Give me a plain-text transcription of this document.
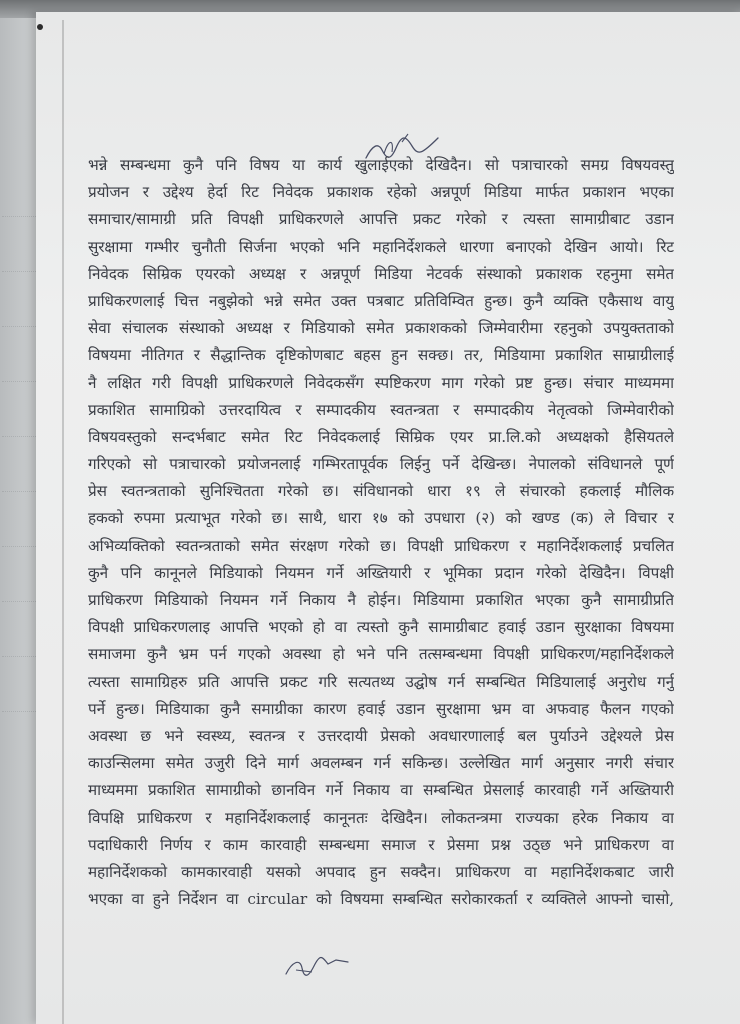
भन्ने सम्बन्धमा कुनै पनि विषय या कार्य खुलाईएको देखिदैन। सो पत्राचारको समग्र विषयवस्तु
प्रयोजन र उद्देश्य हेर्दा रिट निवेदक प्रकाशक रहेको अन्नपूर्ण मिडिया मार्फत प्रकाशन भएका
समाचार/सामाग्री प्रति विपक्षी प्राधिकरणले आपत्ति प्रकट गरेको र त्यस्ता सामाग्रीबाट उडान
सुरक्षामा गम्भीर चुनौती सिर्जना भएको भनि महानिर्देशकले धारणा बनाएको देखिन आयो। रिट
निवेदक सिम्रिक एयरको अध्यक्ष र अन्नपूर्ण मिडिया नेटवर्क संस्थाको प्रकाशक रहनुमा समेत
प्राधिकरणलाई चित्त नबुझेको भन्ने समेत उक्त पत्रबाट प्रतिविम्वित हुन्छ। कुनै व्यक्ति एकैसाथ वायु
सेवा संचालक संस्थाको अध्यक्ष र मिडियाको समेत प्रकाशकको जिम्मेवारीमा रहनुको उपयुक्तताको
विषयमा नीतिगत र सैद्धान्तिक दृष्टिकोणबाट बहस हुन सक्छ। तर, मिडियामा प्रकाशित साम्राग्रीलाई
नै लक्षित गरी विपक्षी प्राधिकरणले निवेदकसँग स्पष्टिकरण माग गरेको प्रष्ट हुन्छ। संचार माध्यममा
प्रकाशित सामाग्रिको उत्तरदायित्व र सम्पादकीय स्वतन्त्रता र सम्पादकीय नेतृत्वको जिम्मेवारीको
विषयवस्तुको सन्दर्भबाट समेत रिट निवेदकलाई सिम्रिक एयर प्रा.लि.को अध्यक्षको हैसियतले
गरिएको सो पत्राचारको प्रयोजनलाई गम्भिरतापूर्वक लिईनु पर्ने देखिन्छ। नेपालको संविधानले पूर्ण
प्रेस स्वतन्त्रताको सुनिश्चितता गरेको छ। संविधानको धारा १९ ले संचारको हकलाई मौलिक
हकको रुपमा प्रत्याभूत गरेको छ। साथै, धारा १७ को उपधारा (२) को खण्ड (क) ले विचार र
अभिव्यक्तिको स्वतन्त्रताको समेत संरक्षण गरेको छ। विपक्षी प्राधिकरण र महानिर्देशकलाई प्रचलित
कुनै पनि कानूनले मिडियाको नियमन गर्ने अख्तियारी र भूमिका प्रदान गरेको देखिदैन। विपक्षी
प्राधिकरण मिडियाको नियमन गर्ने निकाय नै होईन। मिडियामा प्रकाशित भएका कुनै सामाग्रीप्रति
विपक्षी प्राधिकरणलाइ आपत्ति भएको हो वा त्यस्तो कुनै सामाग्रीबाट हवाई उडान सुरक्षाका विषयमा
समाजमा कुनै भ्रम पर्न गएको अवस्था हो भने पनि तत्सम्बन्धमा विपक्षी प्राधिकरण/महानिर्देशकले
त्यस्ता सामाग्रिहरु प्रति आपत्ति प्रकट गरि सत्यतथ्य उद्घोष गर्न सम्बन्धित मिडियालाई अनुरोध गर्नु
पर्ने हुन्छ। मिडियाका कुनै समाग्रीका कारण हवाई उडान सुरक्षामा भ्रम वा अफवाह फैलन गएको
अवस्था छ भने स्वस्थ्य, स्वतन्त्र र उत्तरदायी प्रेसको अवधारणालाई बल पुर्याउने उद्देश्यले प्रेस
काउन्सिलमा समेत उजुरी दिने मार्ग अवलम्बन गर्न सकिन्छ। उल्लेखित मार्ग अनुसार नगरी संचार
माध्यममा प्रकाशित सामाग्रीको छानविन गर्ने निकाय वा सम्बन्धित प्रेसलाई कारवाही गर्ने अख्तियारी
विपक्षि प्राधिकरण र महानिर्देशकलाई कानूनतः देखिदैन। लोकतन्त्रमा राज्यका हरेक निकाय वा
पदाधिकारी निर्णय र काम कारवाही सम्बन्धमा समाज र प्रेसमा प्रश्न उठ्छ भने प्राधिकरण वा
महानिर्देशकको कामकारवाही यसको अपवाद हुन सक्दैन। प्राधिकरण वा महानिर्देशकबाट जारी
भएका वा हुने निर्देशन वा circular को विषयमा सम्बन्धित सरोकारकर्ता र व्यक्तिले आफ्नो चासो,
